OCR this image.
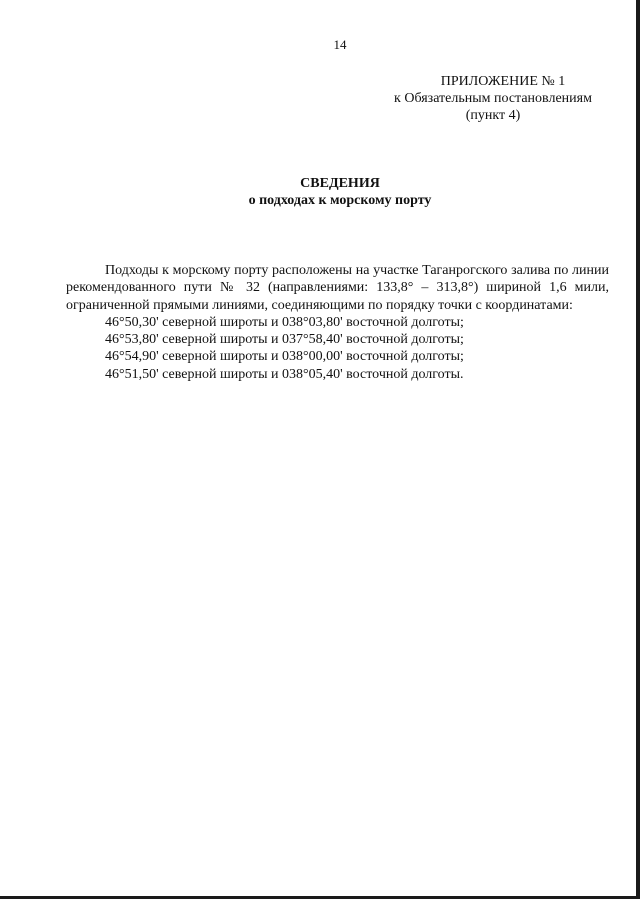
14
ПРИЛОЖЕНИЕ № 1
к Обязательным постановлениям
(пункт 4)
СВЕДЕНИЯ
о подходах к морскому порту

Подходы к морскому порту расположены на участке Таганрогского залива по линии рекомендованного пути № 32 (направлениями: 133,8° – 313,8°) шириной 1,6 мили, ограниченной прямыми линиями, соединяющими по порядку точки с координатами:

46°50,30' северной широты и 038°03,80' восточной долготы;
46°53,80' северной широты и 037°58,40' восточной долготы;
46°54,90' северной широты и 038°00,00' восточной долготы;
46°51,50' северной широты и 038°05,40' восточной долготы.
